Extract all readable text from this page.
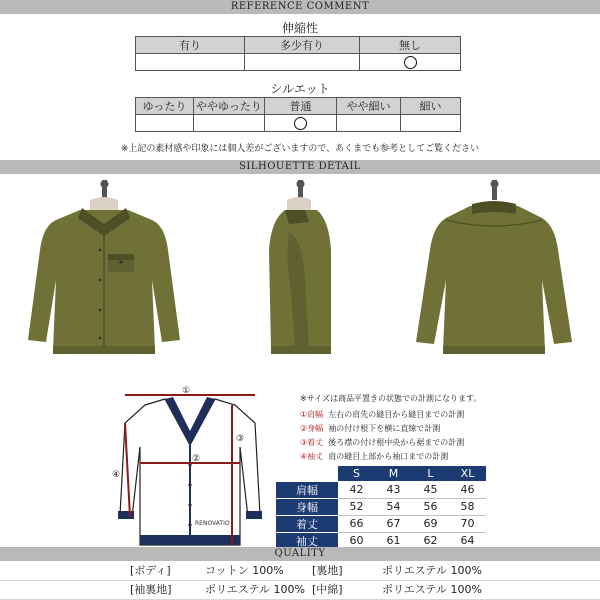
REFERENCE COMMENT
伸縮性
有り	多少有り	無し

シルエット
ゆったり	ややゆったり	普通	やや細い	細い

※上記の素材感や印象には個人差がございますので、あくまでも参考としてご覧ください
SILHOUETTE DETAIL
①
②
③
④
RENOVATIO
※サイズは商品平置きの状態での計測になります。
①肩幅 左右の肩先の縫目から縫目までの計測
②身幅 袖の付け根下を横に直線で計測
③着丈 後ろ襟の付け根中央から裾までの計測
④袖丈 肩の縫目上部から袖口までの計測
	S	M	L	XL
肩幅	42	43	45	46
身幅	52	54	56	58
着丈	66	67	69	70
袖丈	60	61	62	64
QUALITY
[ボディ]	コットン 100%	[裏地]	ポリエステル 100%
[袖裏地]	ポリエステル 100% [中綿]	ポリエステル 100%
